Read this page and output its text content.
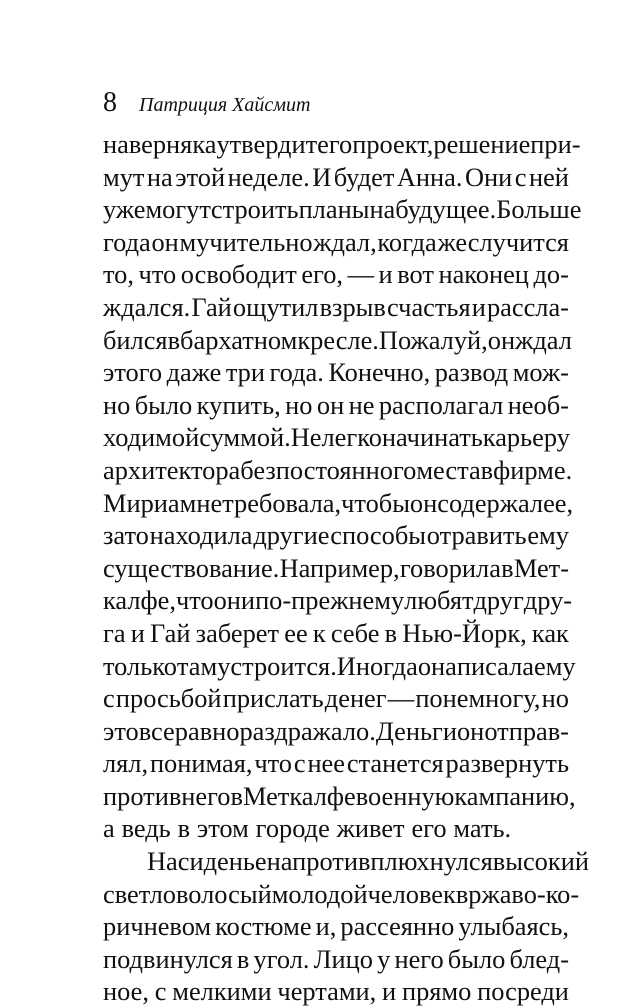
8 Патриция Хайсмит
наверняка утвердит его проект, решение при-
мут на этой неделе. И будет Анна. Они с ней
уже могут строить планы на будущее. Больше
года он мучительно ждал, когда же случится
то, что освободит его, — и вот наконец до-
ждался. Гай ощутил взрыв счастья и рассла-
бился в бархатном кресле. Пожалуй, он ждал
этого даже три года. Конечно, развод мож-
но было купить, но он не располагал необ-
ходимой суммой. Нелегко начинать карьеру
архитектора без постоянного места в фирме.
Мириам не требовала, чтобы он содержал ее,
зато находила другие способы отравить ему
существование. Например, говорила в Мет-
калфе, что они по-прежнему любят друг дру-
га и Гай заберет ее к себе в Нью-Йорк, как
только там устроится. Иногда она писала ему
с просьбой прислать денег — понемногу, но
это все равно раздражало. Деньги он отправ-
лял, понимая, что с нее станется развернуть
против него в Меткалфе военную кампанию,
а ведь в этом городе живет его мать.
На сиденье напротив плюхнулся высокий
светловолосый молодой человек в ржаво-ко-
ричневом костюме и, рассеянно улыбаясь,
подвинулся в угол. Лицо у него было блед-
ное, с мелкими чертами, и прямо посреди
